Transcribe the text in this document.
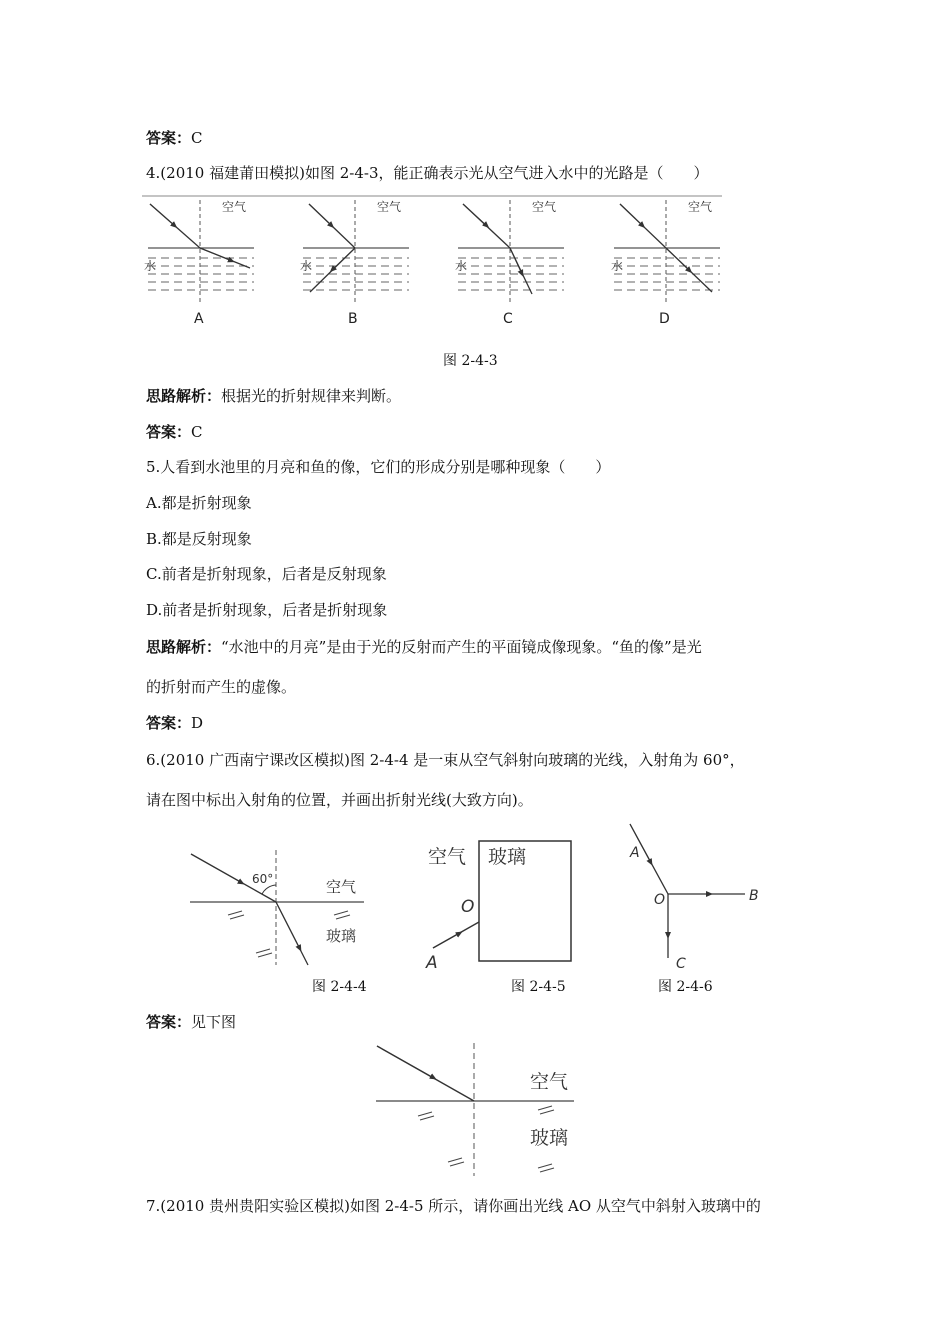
答案：C
4.(2010 福建莆田模拟)如图 2-4-3，能正确表示光从空气进入水中的光路是（　　）
空气
水
A
空气
水
B
空气
水
C
空气
水
D
图 2-4-3
思路解析：根据光的折射规律来判断。
答案：C
5.人看到水池里的月亮和鱼的像，它们的形成分别是哪种现象（　　）
A.都是折射现象
B.都是反射现象
C.前者是折射现象，后者是反射现象
D.前者是折射现象，后者是折射现象
思路解析：“水池中的月亮”是由于光的反射而产生的平面镜成像现象。“鱼的像”是光
的折射而产生的虚像。
答案：D
6.(2010 广西南宁课改区模拟)图 2-4-4 是一束从空气斜射向玻璃的光线，入射角为 60°，
请在图中标出入射角的位置，并画出折射光线(大致方向)。
60°	空气
玻璃
空气 玻璃
O
A
A
O	B
C
图 2-4-4	图 2-4-5	图 2-4-6
答案：见下图
空气
玻璃
7.(2010 贵州贵阳实验区模拟)如图 2-4-5 所示，请你画出光线 AO 从空气中斜射入玻璃中的
